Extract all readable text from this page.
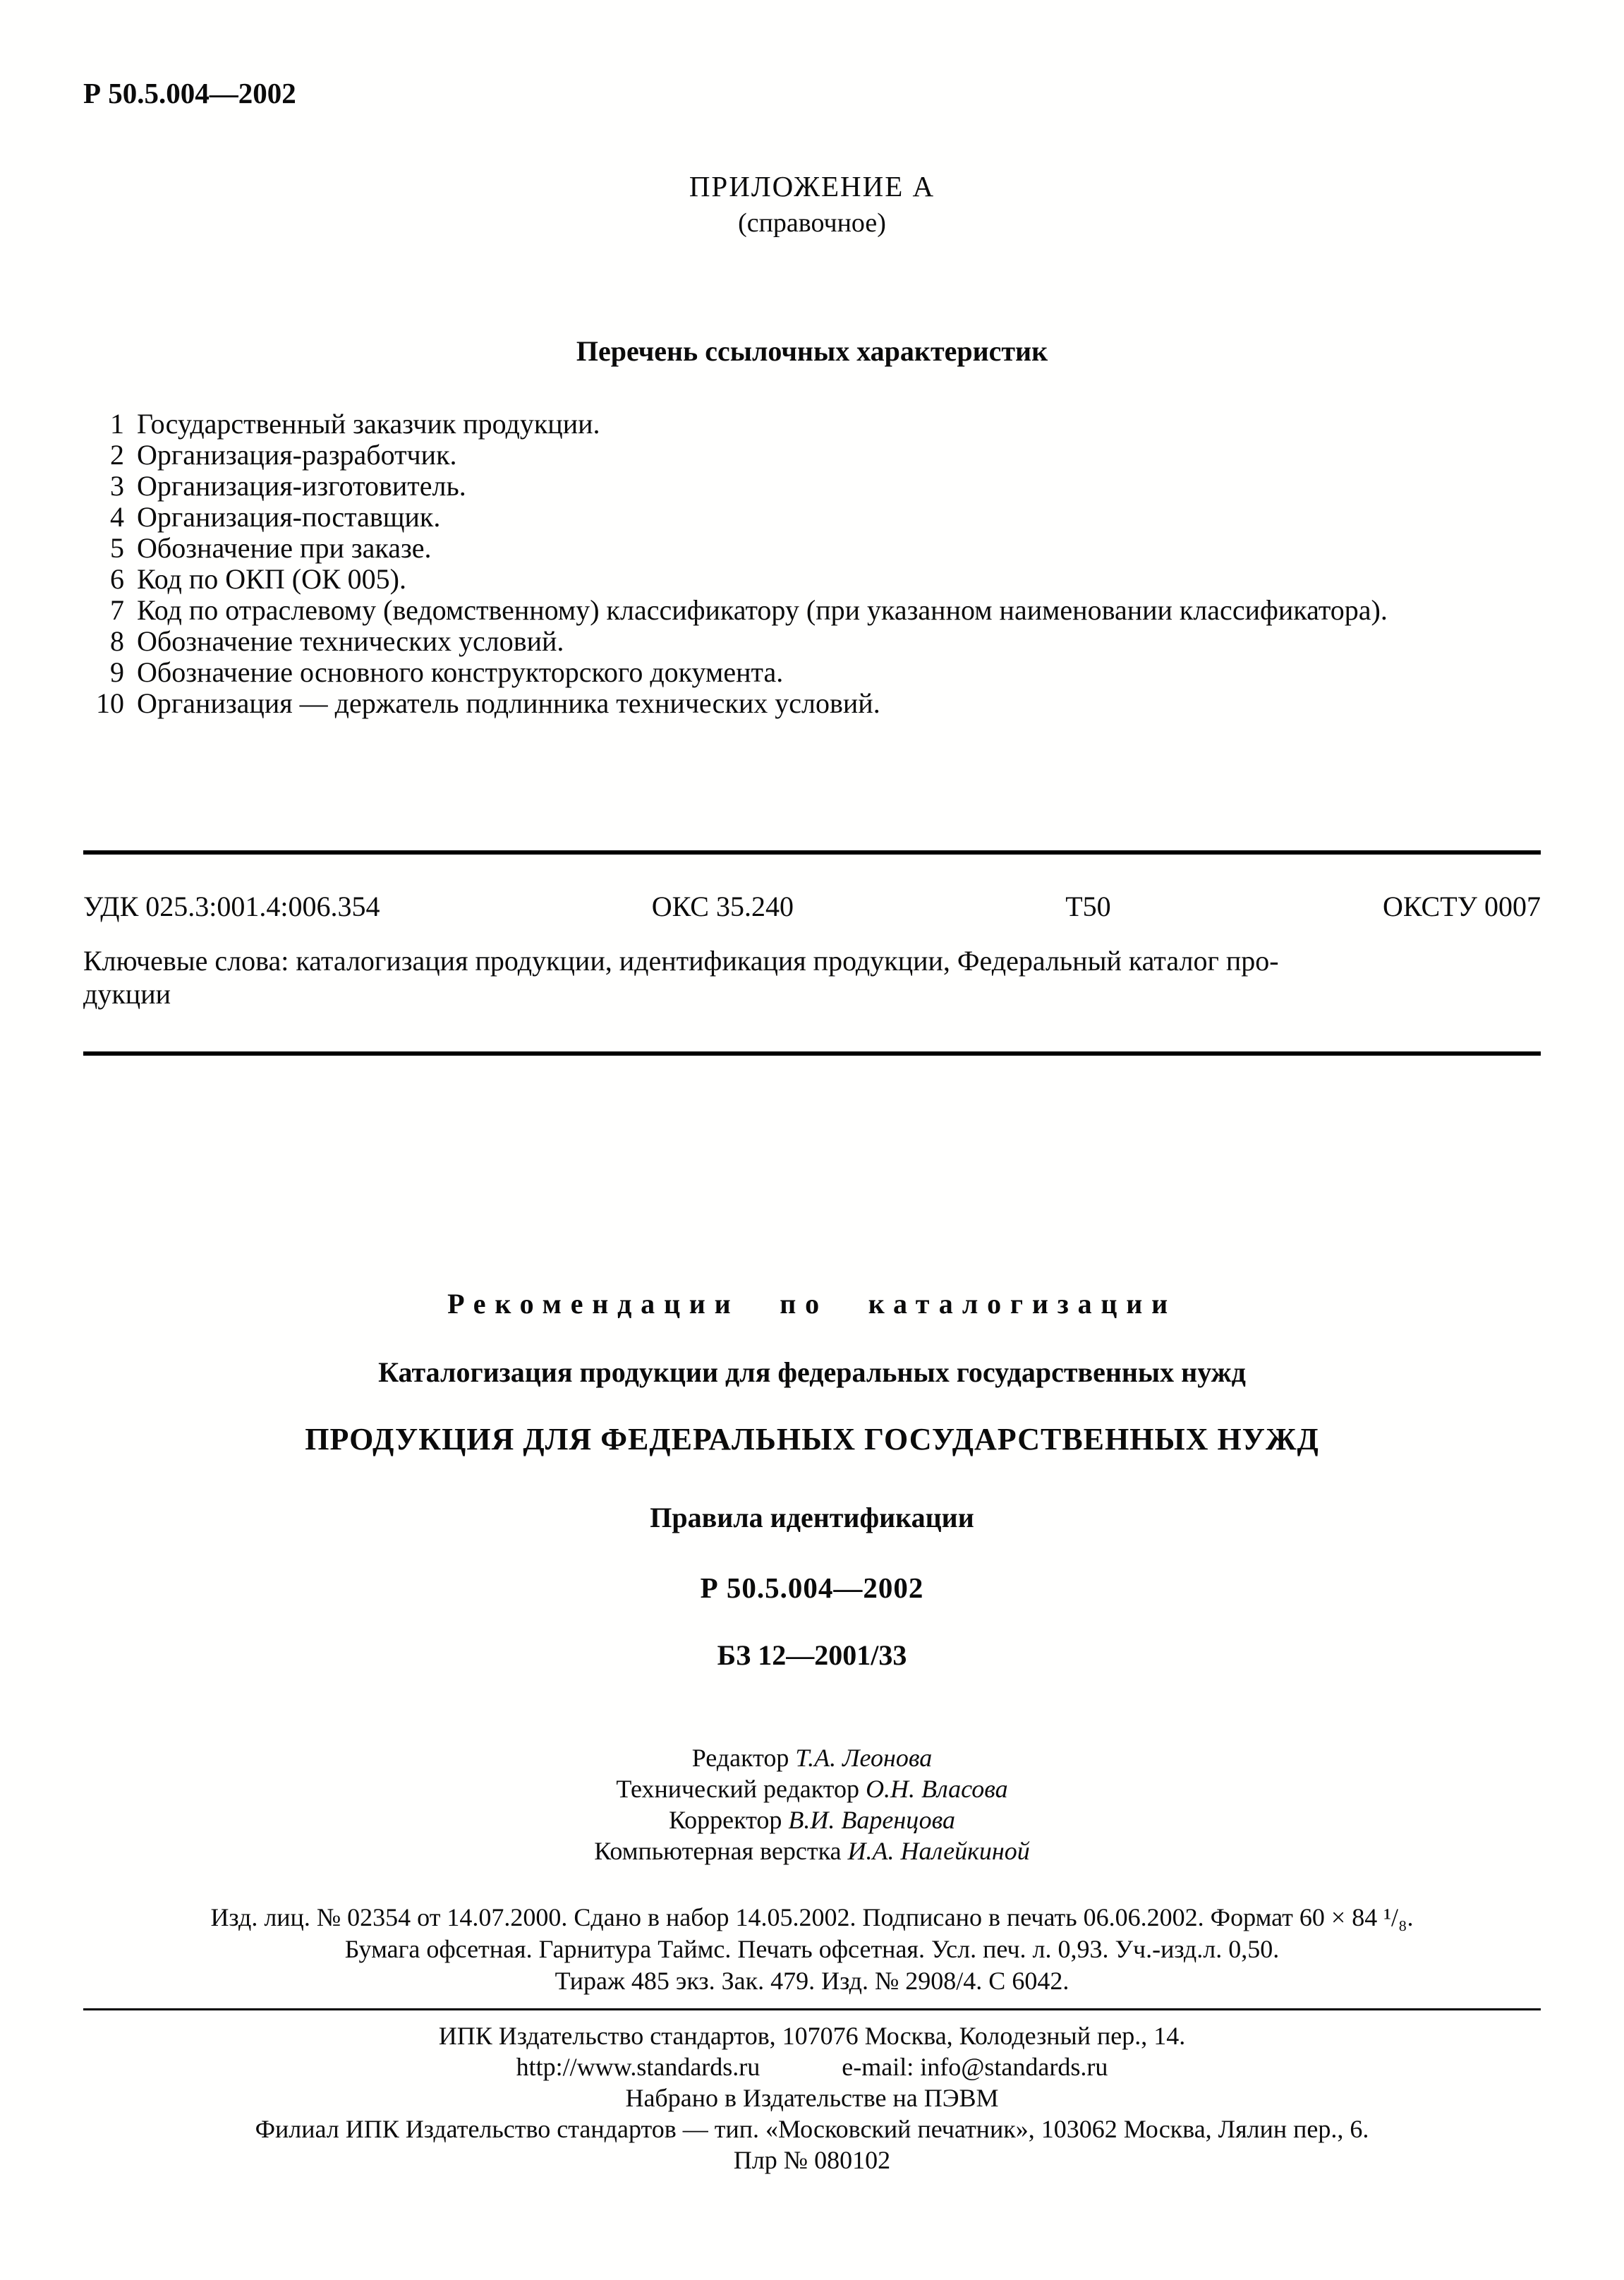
Р 50.5.004—2002
ПРИЛОЖЕНИЕ А
(справочное)
Перечень ссылочных характеристик
1 Государственный заказчик продукции.
2 Организация-разработчик.
3 Организация-изготовитель.
4 Организация-поставщик.
5 Обозначение при заказе.
6 Код по ОКП (ОК 005).
7 Код по отраслевому (ведомственному) классификатору (при указанном наименовании классификатора).
8 Обозначение технических условий.
9 Обозначение основного конструкторского документа.
10 Организация — держатель подлинника технических условий.
УДК 025.3:001.4:006.354	ОКС 35.240	Т50	ОКСТУ 0007
Ключевые слова: каталогизация продукции, идентификация продукции, Федеральный каталог про-
дукции
Рекомендации по каталогизации
Каталогизация продукции для федеральных государственных нужд
ПРОДУКЦИЯ ДЛЯ ФЕДЕРАЛЬНЫХ ГОСУДАРСТВЕННЫХ НУЖД
Правила идентификации
Р 50.5.004—2002
БЗ 12—2001/33
Редактор Т.А. Леонова
Технический редактор О.Н. Власова
Корректор В.И. Варенцова
Компьютерная верстка И.А. Налейкиной
Изд. лиц. № 02354 от 14.07.2000. Сдано в набор 14.05.2002. Подписано в печать 06.06.2002. Формат 60 × 84 ¹/₈.
Бумага офсетная. Гарнитура Таймс. Печать офсетная. Усл. печ. л. 0,93. Уч.-изд.л. 0,50.
Тираж 485 экз. Зак. 479. Изд. № 2908/4. С 6042.
ИПК Издательство стандартов, 107076 Москва, Колодезный пер., 14.
http://www.standards.ru	e-mail: info@standards.ru
Набрано в Издательстве на ПЭВМ
Филиал ИПК Издательство стандартов — тип. «Московский печатник», 103062 Москва, Лялин пер., 6.
Плр № 080102
